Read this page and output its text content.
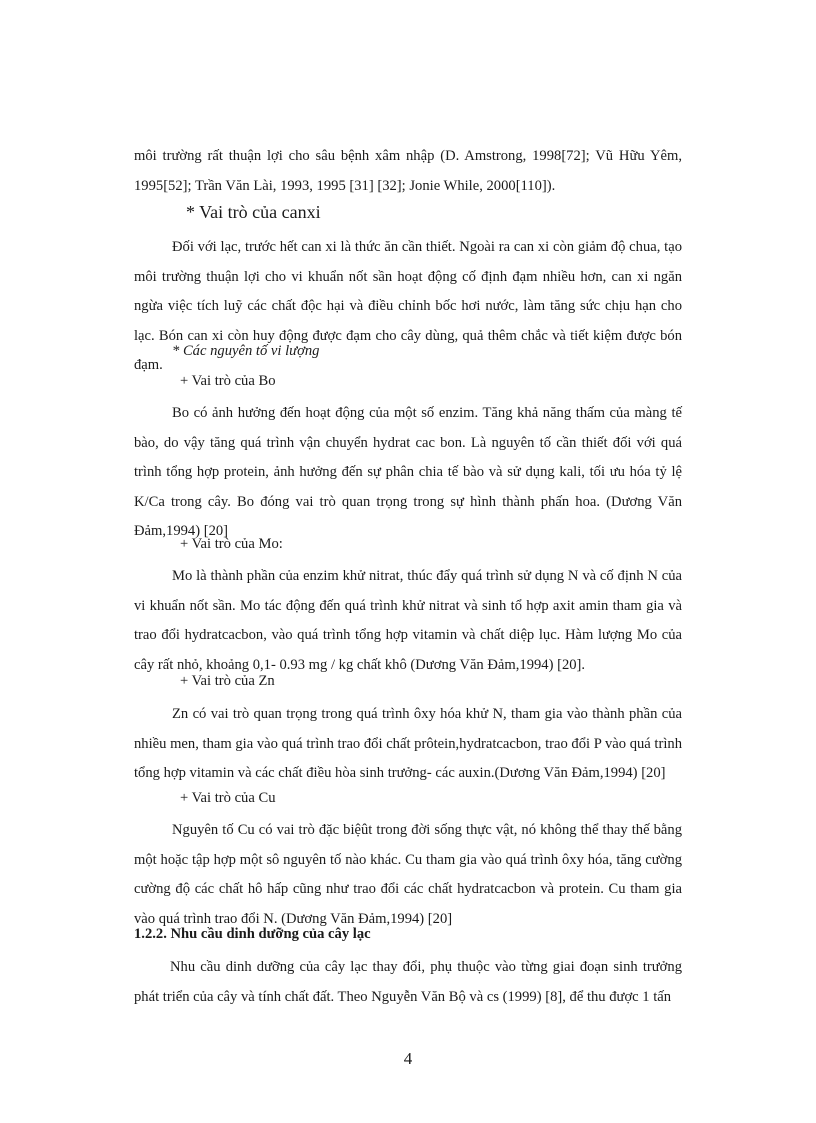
môi trường rất thuận lợi cho sâu bệnh xâm nhập (D. Amstrong, 1998[72]; Vũ Hữu Yêm, 1995[52]; Trần Văn Lài, 1993, 1995 [31] [32]; Jonie While, 2000[110]).

* Vai trò của canxi

Đối với lạc, trước hết can xi là thức ăn cần thiết. Ngoài ra can xi còn giảm độ chua, tạo môi trường thuận lợi cho vi khuẩn nốt sần hoạt động cố định đạm nhiều hơn, can xi ngăn ngừa việc tích luỹ các chất độc hại và điều chỉnh bốc hơi nước, làm tăng sức chịu hạn cho lạc. Bón can xi còn huy động được đạm cho cây dùng, quả thêm chắc và tiết kiệm được bón đạm.

* Các nguyên tố vi lượng

+ Vai trò của Bo

Bo có ảnh hưởng đến hoạt động của một số enzim. Tăng khả năng thấm của màng tế bào, do vậy tăng quá trình vận chuyển hydrat cac bon. Là nguyên tố cần thiết đối với quá trình tổng hợp protein, ảnh hưởng đến sự phân chia tế bào và sử dụng kali, tối ưu hóa tỷ lệ K/Ca trong cây. Bo đóng vai trò quan trọng trong sự hình thành phấn hoa. (Dương Văn Đảm,1994) [20]

+ Vai trò của Mo:

Mo là thành phần của enzim khử nitrat, thúc đẩy quá trình sử dụng N và cố định N của vi khuẩn nốt sần. Mo tác động đến quá trình khử nitrat và sinh tổ hợp axit amin tham gia và trao đổi hydratcacbon, vào quá trình tổng hợp vitamin và chất diệp lục. Hàm lượng Mo của cây rất nhỏ, khoảng 0,1- 0.93 mg / kg chất khô (Dương Văn Đảm,1994) [20].

+ Vai trò của Zn

Zn có vai trò quan trọng trong quá trình ôxy hóa khử N, tham gia vào thành phần của nhiều men, tham gia vào quá trình trao đổi chất prôtein,hydratcacbon, trao đổi P vào quá trình tổng hợp vitamin và các chất điều hòa sinh trưởng- các auxin.(Dương Văn Đảm,1994) [20]

+ Vai trò của Cu

Nguyên tố Cu có vai trò đặc biệût trong đời sống thực vật, nó không thể thay thế bằng một hoặc tập hợp một sô nguyên tố nào khác. Cu tham gia vào quá trình ôxy hóa, tăng cường cường độ các chất hô hấp cũng như trao đổi các chất hydratcacbon và protein. Cu tham gia vào quá trình trao đổi N. (Dương Văn Đảm,1994) [20]

1.2.2. Nhu cầu dinh dưỡng của cây lạc

Nhu cầu dinh dưỡng của cây lạc thay đổi, phụ thuộc vào từng giai đoạn sinh trưởng phát triển của cây và tính chất đất. Theo Nguyễn Văn Bộ và cs (1999) [8], để thu được 1 tấn

4
